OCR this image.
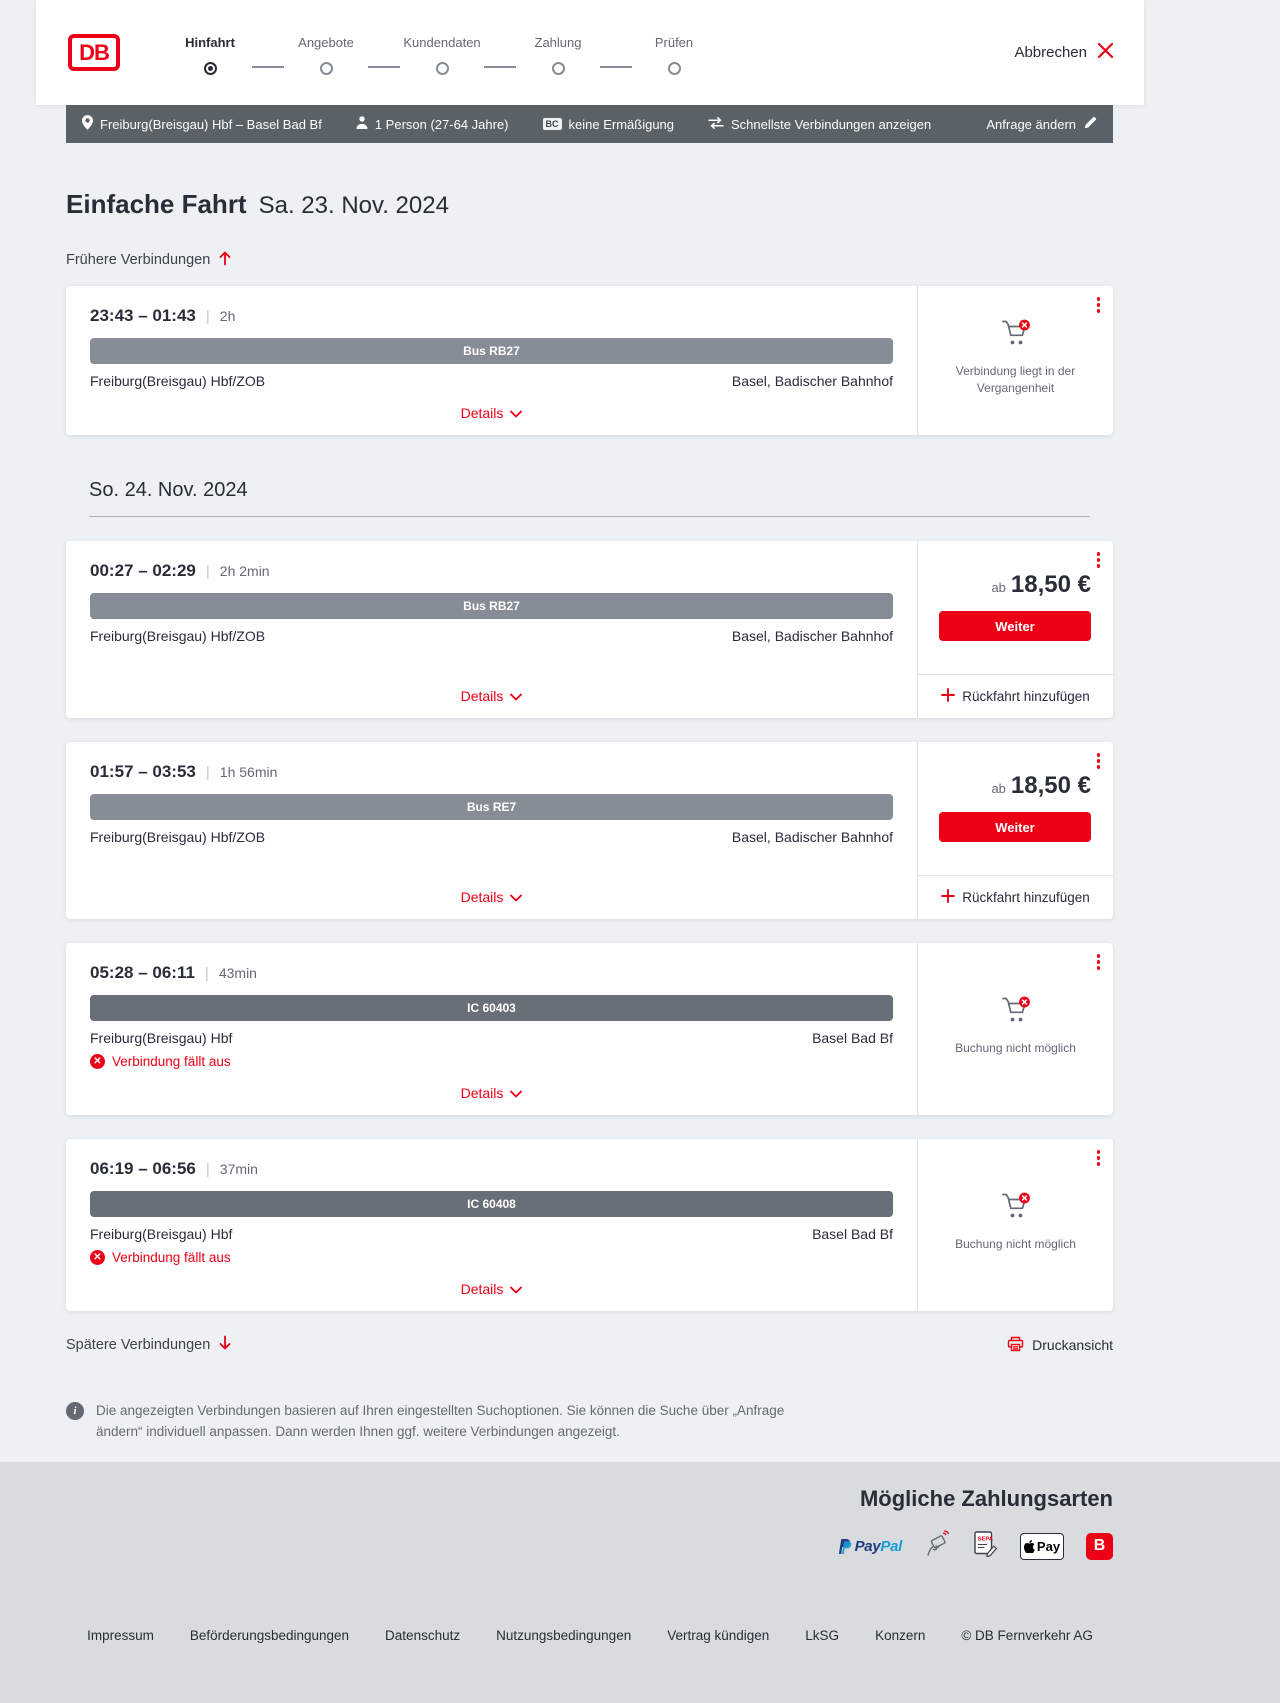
DB	Hinfahrt	Angebote	Kundendaten	Zahlung	Prüfen
Abbrechen
Freiburg(Breisgau) Hbf – Basel Bad Bf	1 Person (27-64 Jahre)	BC keine Ermäßigung	Schnellste Verbindungen anzeigen	Anfrage ändern
Einfache Fahrt Sa. 23. Nov. 2024
Frühere Verbindungen
23:43 – 01:43 | 2h
Bus RB27
Freiburg(Breisgau) Hbf/ZOB	Basel, Badischer Bahnhof
Details
Verbindung liegt in der Vergangenheit
So. 24. Nov. 2024
00:27 – 02:29 | 2h 2min
Bus RB27
Freiburg(Breisgau) Hbf/ZOB	Basel, Badischer Bahnhof
Details
ab 18,50 €
Weiter
Rückfahrt hinzufügen
01:57 – 03:53 | 1h 56min
Bus RE7
Freiburg(Breisgau) Hbf/ZOB	Basel, Badischer Bahnhof
Details
ab 18,50 €
Weiter
Rückfahrt hinzufügen
05:28 – 06:11 | 43min
IC 60403
Freiburg(Breisgau) Hbf	Basel Bad Bf
✕ Verbindung fällt aus
Details
Buchung nicht möglich
06:19 – 06:56 | 37min
IC 60408
Freiburg(Breisgau) Hbf	Basel Bad Bf
✕ Verbindung fällt aus
Details
Buchung nicht möglich
Spätere Verbindungen	Druckansicht
i	Die angezeigten Verbindungen basieren auf Ihren eingestellten Suchoptionen. Sie können die Suche über „Anfrage ändern“ individuell anpassen. Dann werden Ihnen ggf. weitere Verbindungen angezeigt.

Mögliche Zahlungsarten
PayPal	SEPA	Pay B
Impressum	Beförderungsbedingungen	Datenschutz	Nutzungsbedingungen	Vertrag kündigen	LkSG	Konzern	© DB Fernverkehr AG
